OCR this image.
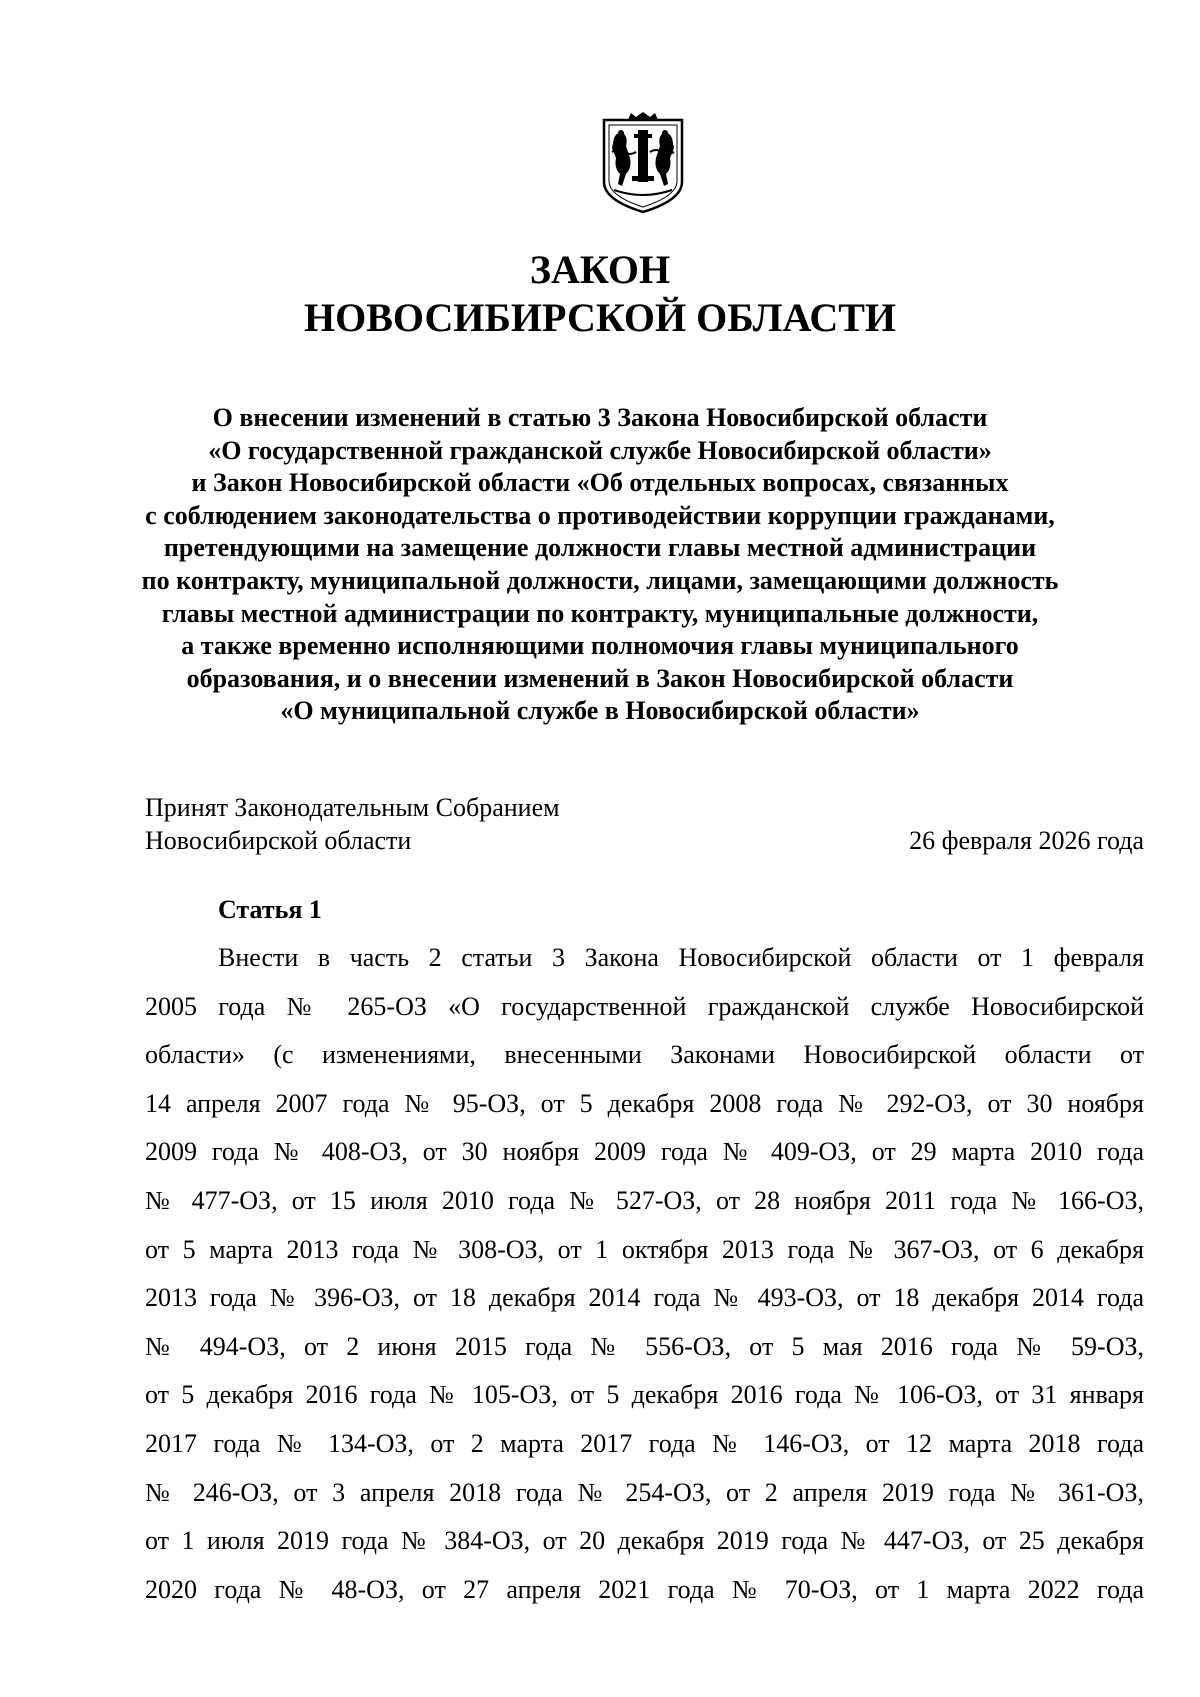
ЗАКОН
НОВОСИБИРСКОЙ ОБЛАСТИ
О внесении изменений в статью 3 Закона Новосибирской области
«О государственной гражданской службе Новосибирской области»
и Закон Новосибирской области «Об отдельных вопросах, связанных
с соблюдением законодательства о противодействии коррупции гражданами,
претендующими на замещение должности главы местной администрации
по контракту, муниципальной должности, лицами, замещающими должность
главы местной администрации по контракту, муниципальные должности,
а также временно исполняющими полномочия главы муниципального
образования, и о внесении изменений в Закон Новосибирской области
«О муниципальной службе в Новосибирской области»
Принят Законодательным Собранием
Новосибирской области	26 февраля 2026 года
Статья 1
Внести в часть 2 статьи 3 Закона Новосибирской области от 1 февраля
2005 года № 265-ОЗ «О государственной гражданской службе Новосибирской
области» (с изменениями, внесенными Законами Новосибирской области от
14 апреля 2007 года № 95-ОЗ, от 5 декабря 2008 года № 292-ОЗ, от 30 ноября
2009 года № 408-ОЗ, от 30 ноября 2009 года № 409-ОЗ, от 29 марта 2010 года
№ 477-ОЗ, от 15 июля 2010 года № 527-ОЗ, от 28 ноября 2011 года № 166-ОЗ,
от 5 марта 2013 года № 308-ОЗ, от 1 октября 2013 года № 367-ОЗ, от 6 декабря
2013 года № 396-ОЗ, от 18 декабря 2014 года № 493-ОЗ, от 18 декабря 2014 года
№ 494-ОЗ, от 2 июня 2015 года № 556-ОЗ, от 5 мая 2016 года № 59-ОЗ,
от 5 декабря 2016 года № 105-ОЗ, от 5 декабря 2016 года № 106-ОЗ, от 31 января
2017 года № 134-ОЗ, от 2 марта 2017 года № 146-ОЗ, от 12 марта 2018 года
№ 246-ОЗ, от 3 апреля 2018 года № 254-ОЗ, от 2 апреля 2019 года № 361-ОЗ,
от 1 июля 2019 года № 384-ОЗ, от 20 декабря 2019 года № 447-ОЗ, от 25 декабря
2020 года № 48-ОЗ, от 27 апреля 2021 года № 70-ОЗ, от 1 марта 2022 года
